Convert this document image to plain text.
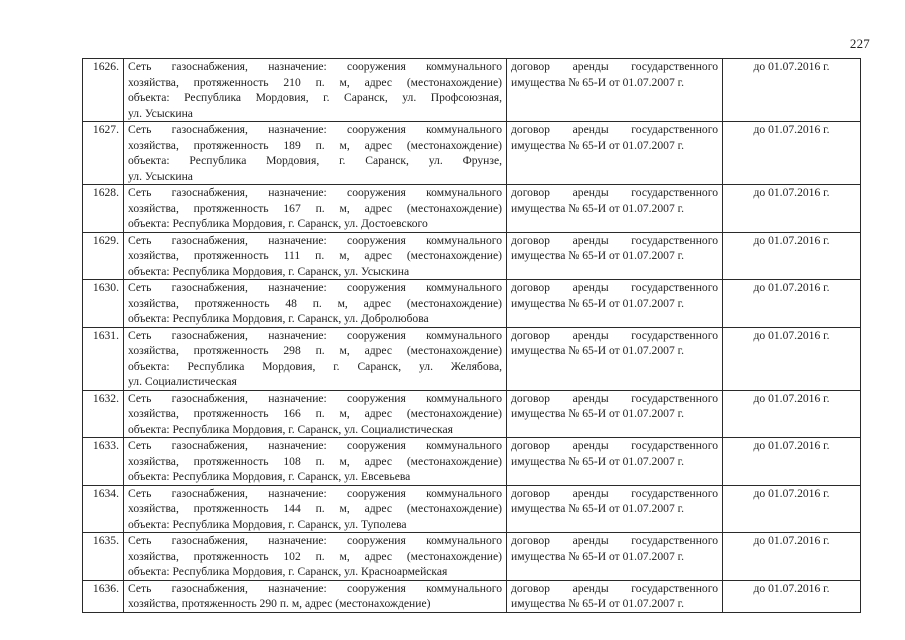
227
1626.	Сеть газоснабжения, назначение: сооружения коммунального
хозяйства, протяженность 210 п. м, адрес (местонахождение)
объекта: Республика Мордовия, г. Саранск, ул. Профсоюзная,
ул. Усыскина	договор аренды государственного
имущества № 65-И от 01.07.2007 г.	до 01.07.2016 г.
1627.	Сеть газоснабжения, назначение: сооружения коммунального
хозяйства, протяженность 189 п. м, адрес (местонахождение)
объекта: Республика Мордовия, г. Саранск, ул. Фрунзе,
ул. Усыскина	договор аренды государственного
имущества № 65-И от 01.07.2007 г.	до 01.07.2016 г.
1628.	Сеть газоснабжения, назначение: сооружения коммунального
хозяйства, протяженность 167 п. м, адрес (местонахождение)
объекта: Республика Мордовия, г. Саранск, ул. Достоевского	договор аренды государственного
имущества № 65-И от 01.07.2007 г.	до 01.07.2016 г.
1629.	Сеть газоснабжения, назначение: сооружения коммунального
хозяйства, протяженность 111 п. м, адрес (местонахождение)
объекта: Республика Мордовия, г. Саранск, ул. Усыскина	договор аренды государственного
имущества № 65-И от 01.07.2007 г.	до 01.07.2016 г.
1630.	Сеть газоснабжения, назначение: сооружения коммунального
хозяйства, протяженность 48 п. м, адрес (местонахождение)
объекта: Республика Мордовия, г. Саранск, ул. Добролюбова	договор аренды государственного
имущества № 65-И от 01.07.2007 г.	до 01.07.2016 г.
1631.	Сеть газоснабжения, назначение: сооружения коммунального
хозяйства, протяженность 298 п. м, адрес (местонахождение)
объекта: Республика Мордовия, г. Саранск, ул. Желябова,
ул. Социалистическая	договор аренды государственного
имущества № 65-И от 01.07.2007 г.	до 01.07.2016 г.
1632.	Сеть газоснабжения, назначение: сооружения коммунального
хозяйства, протяженность 166 п. м, адрес (местонахождение)
объекта: Республика Мордовия, г. Саранск, ул. Социалистическая	договор аренды государственного
имущества № 65-И от 01.07.2007 г.	до 01.07.2016 г.
1633.	Сеть газоснабжения, назначение: сооружения коммунального
хозяйства, протяженность 108 п. м, адрес (местонахождение)
объекта: Республика Мордовия, г. Саранск, ул. Евсевьева	договор аренды государственного
имущества № 65-И от 01.07.2007 г.	до 01.07.2016 г.
1634.	Сеть газоснабжения, назначение: сооружения коммунального
хозяйства, протяженность 144 п. м, адрес (местонахождение)
объекта: Республика Мордовия, г. Саранск, ул. Туполева	договор аренды государственного
имущества № 65-И от 01.07.2007 г.	до 01.07.2016 г.
1635.	Сеть газоснабжения, назначение: сооружения коммунального
хозяйства, протяженность 102 п. м, адрес (местонахождение)
объекта: Республика Мордовия, г. Саранск, ул. Красноармейская	договор аренды государственного
имущества № 65-И от 01.07.2007 г.	до 01.07.2016 г.
1636.	Сеть газоснабжения, назначение: сооружения коммунального
хозяйства, протяженность 290 п. м, адрес (местонахождение)	договор аренды государственного
имущества № 65-И от 01.07.2007 г.	до 01.07.2016 г.
